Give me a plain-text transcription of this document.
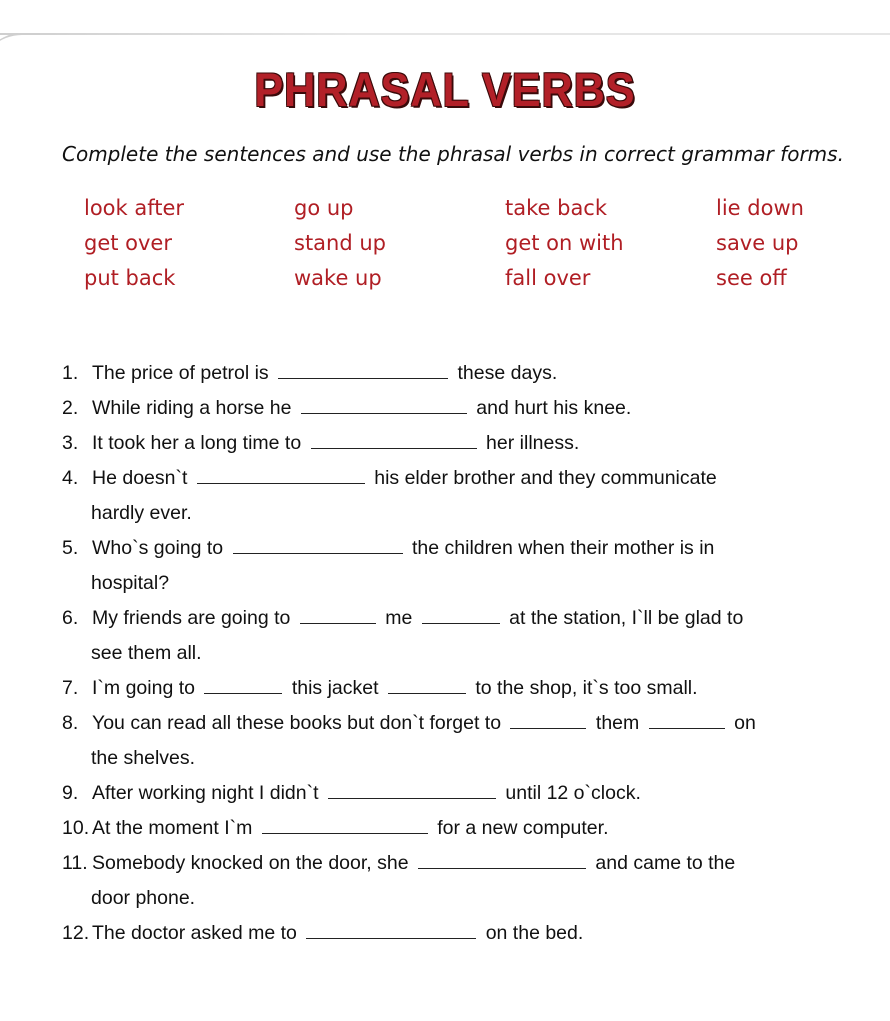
PHRASAL VERBS
Complete the sentences and use the phrasal verbs in correct grammar forms.
look after	go up	take back	lie down
get over	stand up	get on with	save up
put back	wake up	fall over	see off
1. The price of petrol is	these days.
2. While riding a horse he	and hurt his knee.
3. It took her a long time to	her illness.
4. He doesn`t	his elder brother and they communicate
hardly ever.
5. Who`s going to	the children when their mother is in
hospital?
6. My friends are going to	me	at the station, I`ll be glad to
see them all.
7. I`m going to	this jacket	to the shop, it`s too small.
8. You can read all these books but don`t forget to	them	on
the shelves.
9. After working night I didn`t	until 12 o`clock.
10. At the moment I`m	for a new computer.
11. Somebody knocked on the door, she	and came to the
door phone.
12. The doctor asked me to	on the bed.
